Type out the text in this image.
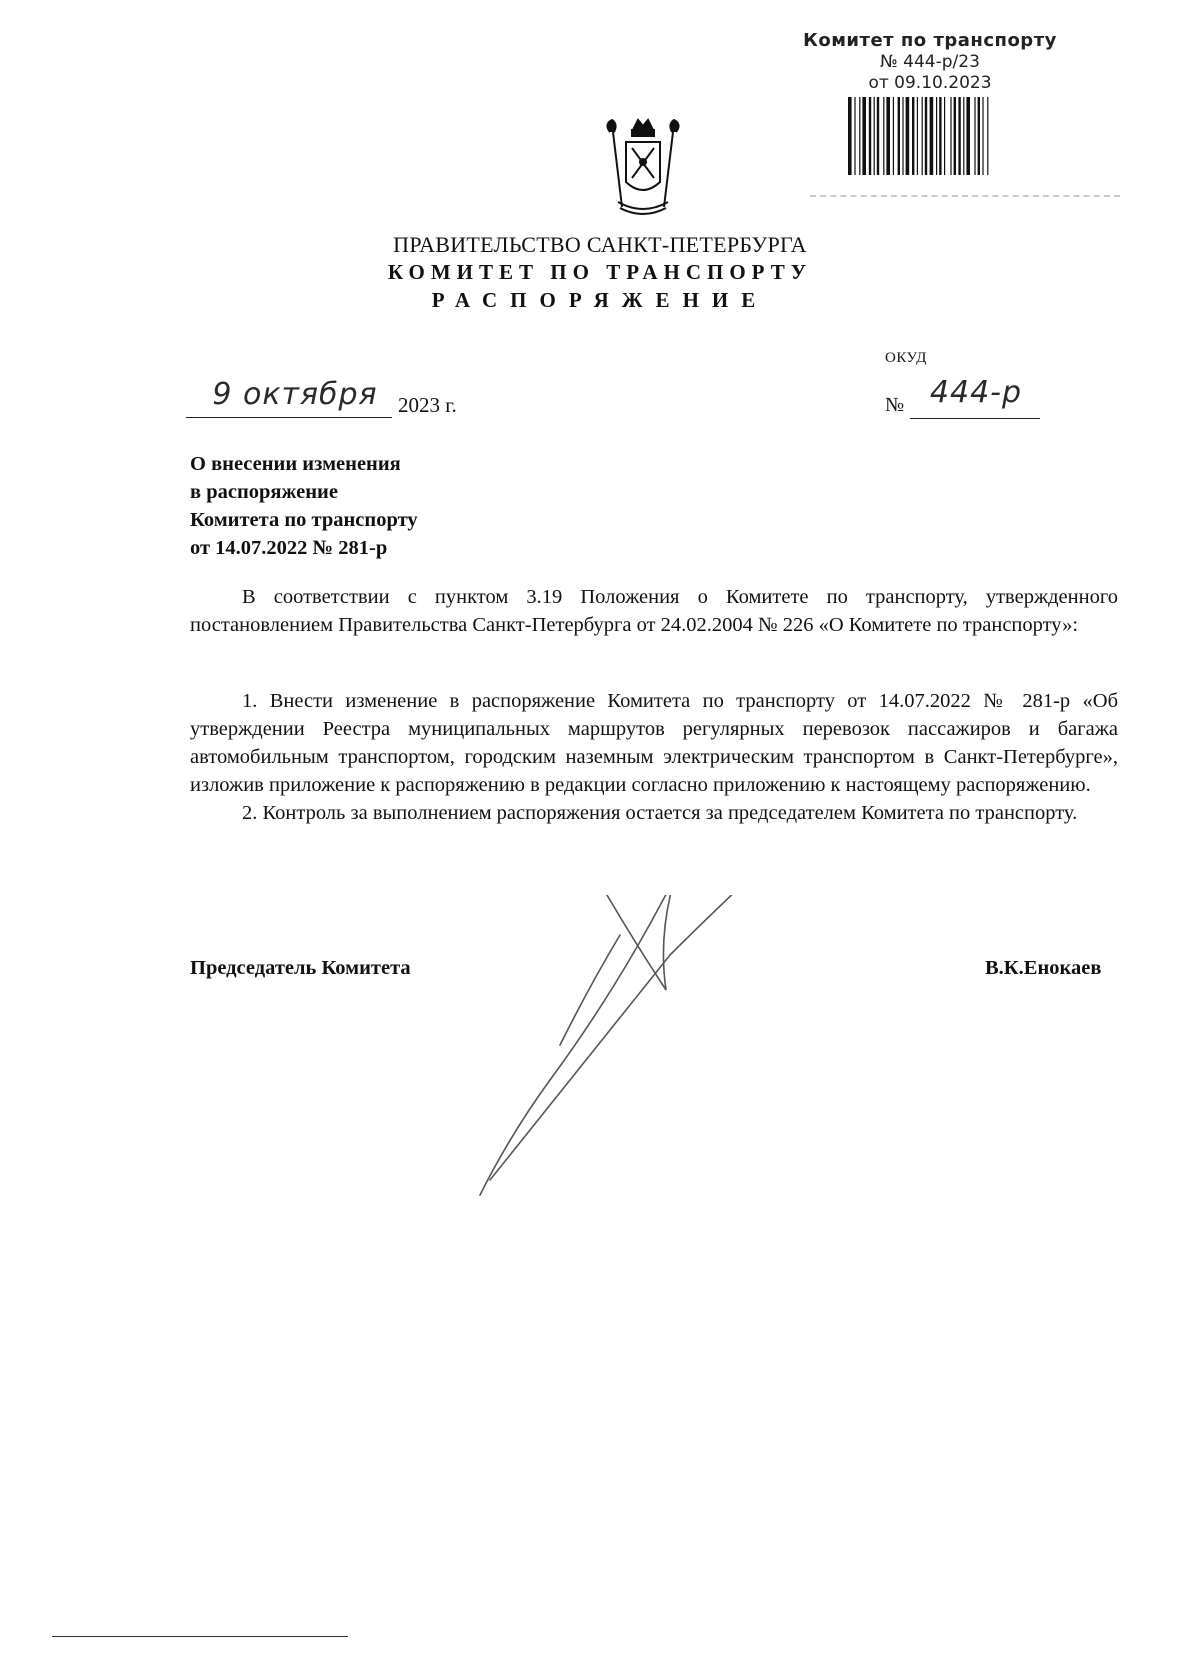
Комитет по транспорту
№ 444-р/23
от 09.10.2023
ПРАВИТЕЛЬСТВО САНКТ-ПЕТЕРБУРГА
КОМИТЕТ ПО ТРАНСПОРТУ
РАСПОРЯЖЕНИЕ
ОКУД
9 октября 2023 г.	№ 444-р
О внесении изменения
в распоряжение
Комитета по транспорту
от 14.07.2022 № 281-р

В соответствии с пунктом 3.19 Положения о Комитете по транспорту, утвержденного постановлением Правительства Санкт-Петербурга от 24.02.2004 № 226 «О Комитете по транспорту»:

1. Внести изменение в распоряжение Комитета по транспорту от 14.07.2022 № 281-р «Об утверждении Реестра муниципальных маршрутов регулярных перевозок пассажиров и багажа автомобильным транспортом, городским наземным электрическим транспортом в Санкт-Петербурге», изложив приложение к распоряжению в редакции согласно приложению к настоящему распоряжению.

2. Контроль за выполнением распоряжения остается за председателем Комитета по транспорту.

Председатель Комитета	В.К.Енокаев
